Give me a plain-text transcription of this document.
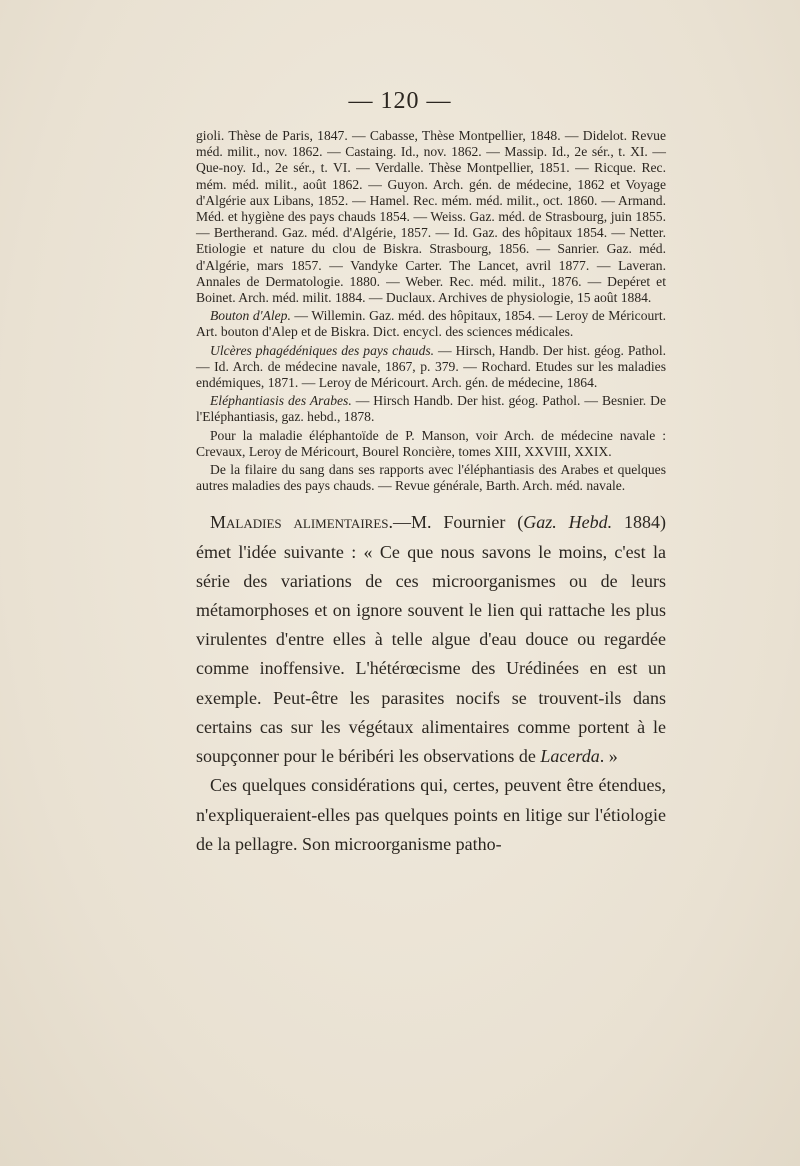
— 120 —

gioli. Thèse de Paris, 1847. — Cabasse, Thèse Montpellier, 1848. — Didelot. Revue méd. milit., nov. 1862. — Castaing. Id., nov. 1862. — Massip. Id., 2e sér., t. XI. — Que-noy. Id., 2e sér., t. VI. — Verdalle. Thèse Montpellier, 1851. — Ricque. Rec. mém. méd. milit., août 1862. — Guyon. Arch. gén. de médecine, 1862 et Voyage d'Algérie aux Libans, 1852. — Hamel. Rec. mém. méd. milit., oct. 1860. — Armand. Méd. et hygiène des pays chauds 1854. — Weiss. Gaz. méd. de Strasbourg, juin 1855. — Bertherand. Gaz. méd. d'Algérie, 1857. — Id. Gaz. des hôpitaux 1854. — Netter. Etiologie et nature du clou de Biskra. Strasbourg, 1856. — Sanrier. Gaz. méd. d'Algérie, mars 1857. — Vandyke Carter. The Lancet, avril 1877. — Laveran. Annales de Dermatologie. 1880. — Weber. Rec. méd. milit., 1876. — Depéret et Boinet. Arch. méd. milit. 1884. — Duclaux. Archives de physiologie, 15 août 1884.

Bouton d'Alep. — Willemin. Gaz. méd. des hôpitaux, 1854. — Leroy de Méricourt. Art. bouton d'Alep et de Biskra. Dict. encycl. des sciences médicales.

Ulcères phagédéniques des pays chauds. — Hirsch, Handb. Der hist. géog. Pathol. — Id. Arch. de médecine navale, 1867, p. 379. — Rochard. Etudes sur les maladies endémiques, 1871. — Leroy de Méricourt. Arch. gén. de médecine, 1864.

Eléphantiasis des Arabes. — Hirsch Handb. Der hist. géog. Pathol. — Besnier. De l'Eléphantiasis, gaz. hebd., 1878.

Pour la maladie éléphantoïde de P. Manson, voir Arch. de médecine navale : Crevaux, Leroy de Méricourt, Bourel Roncière, tomes XIII, XXVIII, XXIX.

De la filaire du sang dans ses rapports avec l'éléphantiasis des Arabes et quelques autres maladies des pays chauds. — Revue générale, Barth. Arch. méd. navale.

Maladies alimentaires.—M. Fournier (Gaz. Hebd. 1884) émet l'idée suivante : « Ce que nous savons le moins, c'est la série des variations de ces microorganismes ou de leurs métamorphoses et on ignore souvent le lien qui rattache les plus virulentes d'entre elles à telle algue d'eau douce ou regardée comme inoffensive. L'hétérœcisme des Urédinées en est un exemple. Peut-être les parasites nocifs se trouvent-ils dans certains cas sur les végétaux alimentaires comme portent à le soupçonner pour le béribéri les observations de Lacerda. »

Ces quelques considérations qui, certes, peuvent être étendues, n'expliqueraient-elles pas quelques points en litige sur l'étiologie de la pellagre. Son microorganisme patho-
